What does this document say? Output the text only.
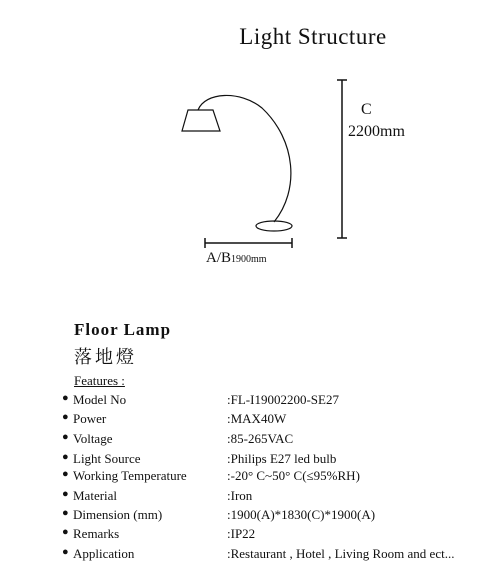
Light Structure
C
2200mm
A/B1900mm
Floor Lamp
落地燈
Features :
● Model No	:FL-I19002200-SE27
● Power	:MAX40W
● Voltage	:85-265VAC
● Light Source	:Philips E27 led bulb
● Working Temperature	:-20° C~50° C(≤95%RH)
● Material	:Iron
● Dimension (mm)	:1900(A)*1830(C)*1900(A)
● Remarks	:IP22
● Application	:Restaurant , Hotel , Living Room and ect...
